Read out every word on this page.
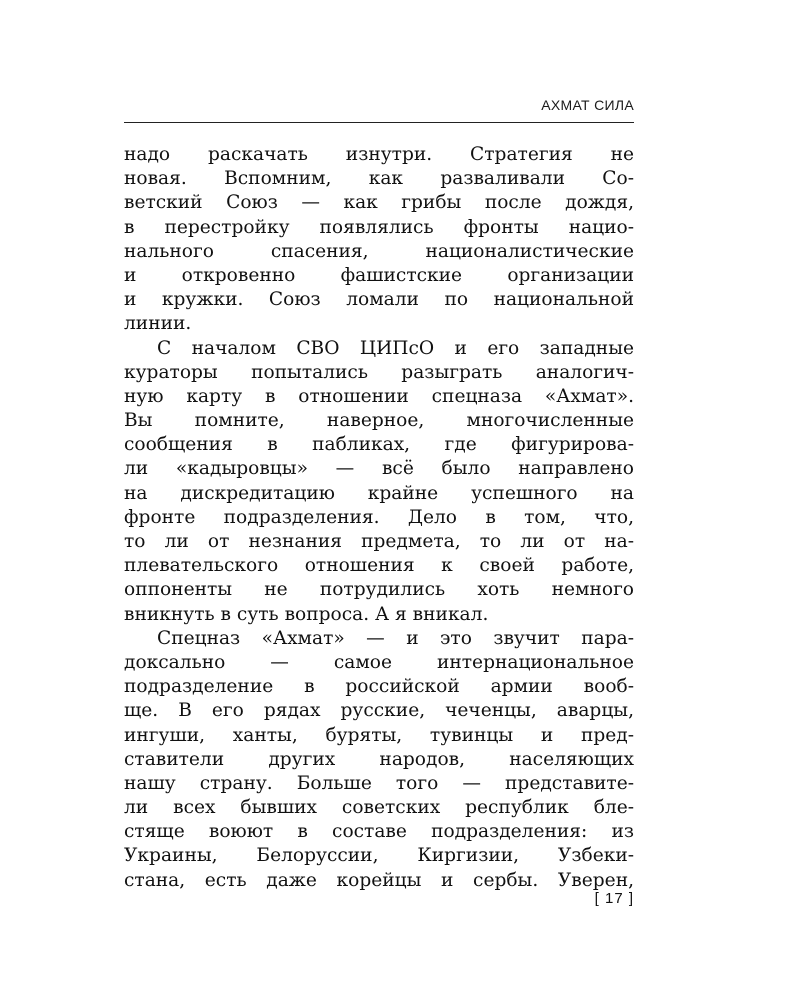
АХМАТ СИЛА
надо раскачать изнутри. Стратегия не
новая. Вспомним, как разваливали Со-
ветский Союз — как грибы после дождя,
в перестройку появлялись фронты нацио-
нального спасения, националистические
и откровенно фашистские организации
и кружки. Союз ломали по национальной
линии.
С началом СВО ЦИПсО и его западные
кураторы попытались разыграть аналогич-
ную карту в отношении спецназа «Ахмат».
Вы помните, наверное, многочисленные
сообщения в пабликах, где фигурирова-
ли «кадыровцы» — всё было направлено
на дискредитацию крайне успешного на
фронте подразделения. Дело в том, что,
то ли от незнания предмета, то ли от на-
плевательского отношения к своей работе,
оппоненты не потрудились хоть немного
вникнуть в суть вопроса. А я вникал.
Спецназ «Ахмат» — и это звучит пара-
доксально — самое интернациональное
подразделение в российской армии вооб-
ще. В его рядах русские, чеченцы, аварцы,
ингуши, ханты, буряты, тувинцы и пред-
ставители других народов, населяющих
нашу страну. Больше того — представите-
ли всех бывших советских республик бле-
стяще воюют в составе подразделения: из
Украины, Белоруссии, Киргизии, Узбеки-
стана, есть даже корейцы и сербы. Уверен,
[ 17 ]
